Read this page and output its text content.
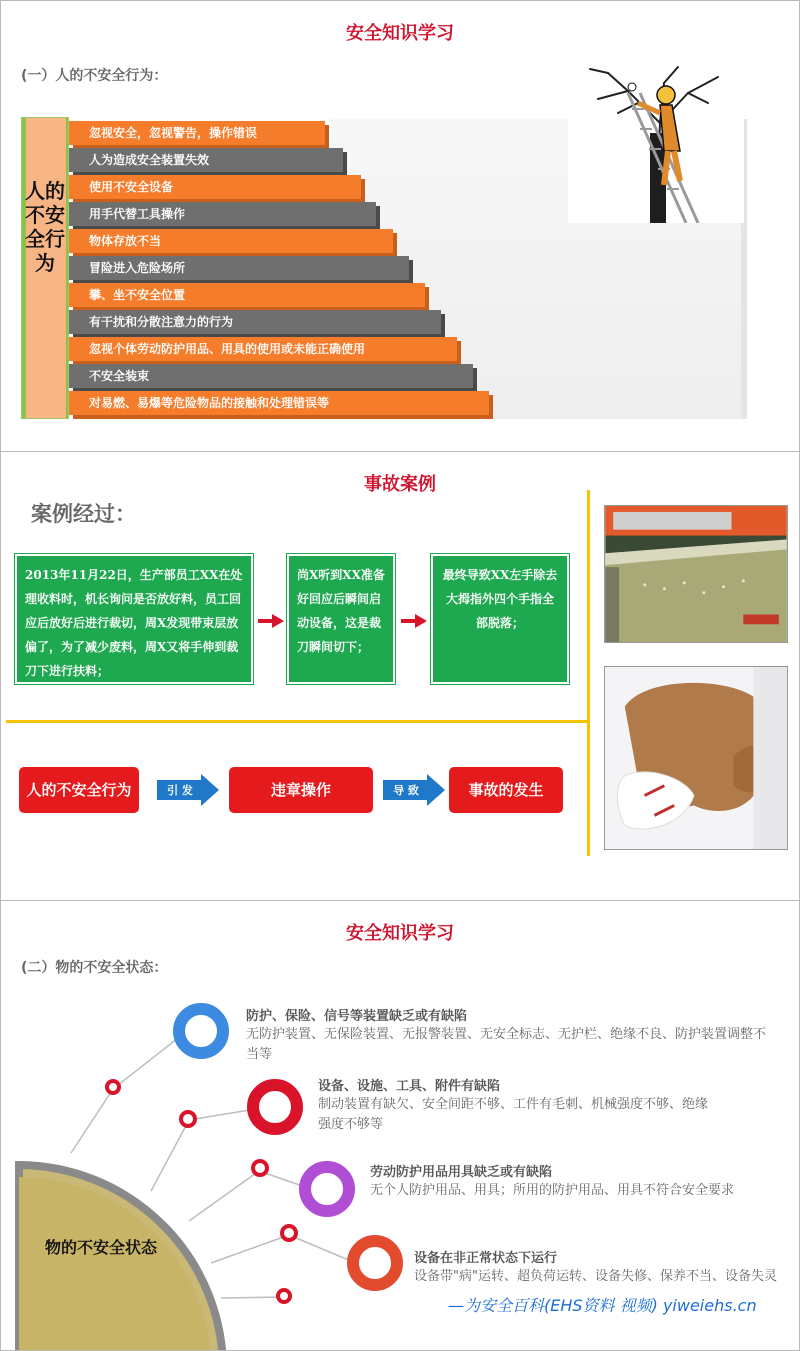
安全知识学习
(一）人的不安全行为：
人的不安全行为
忽视安全，忽视警告，操作错误
人为造成安全装置失效
使用不安全设备
用手代替工具操作
物体存放不当
冒险进入危险场所
攀、坐不安全位置
有干扰和分散注意力的行为
忽视个体劳动防护用品、用具的使用或未能正确使用
不安全装束
对易燃、易爆等危险物品的接触和处理错误等
事故案例
案例经过：
2013年11月22日，生产部员工XX在处理收料时，机长询问是否放好料，员工回应后放好后进行裁切，周X发现带束层放偏了，为了减少废料，周X又将手伸到裁刀下进行扶料；
尚X听到XX准备好回应后瞬间启动设备，这是裁刀瞬间切下；
最终导致XX左手除去大拇指外四个手指全部脱落；
人的不安全行为	引 发	违章操作	导 致	事故的发生
安全知识学习
(二）物的不安全状态：
物的不安全状态
防护、保险、信号等装置缺乏或有缺陷
无防护装置、无保险装置、无报警装置、无安全标志、无护栏、绝缘不良、防护装置调整不当等
设备、设施、工具、附件有缺陷
制动装置有缺欠、安全间距不够、工件有毛刺、机械强度不够、绝缘强度不够等
劳动防护用品用具缺乏或有缺陷
无个人防护用品、用具；所用的防护用品、用具不符合安全要求
设备在非正常状态下运行
设备带"病"运转、超负荷运转、设备失修、保养不当、设备失灵
—为安全百科(EHS资料 视频) yiweiehs.cn
